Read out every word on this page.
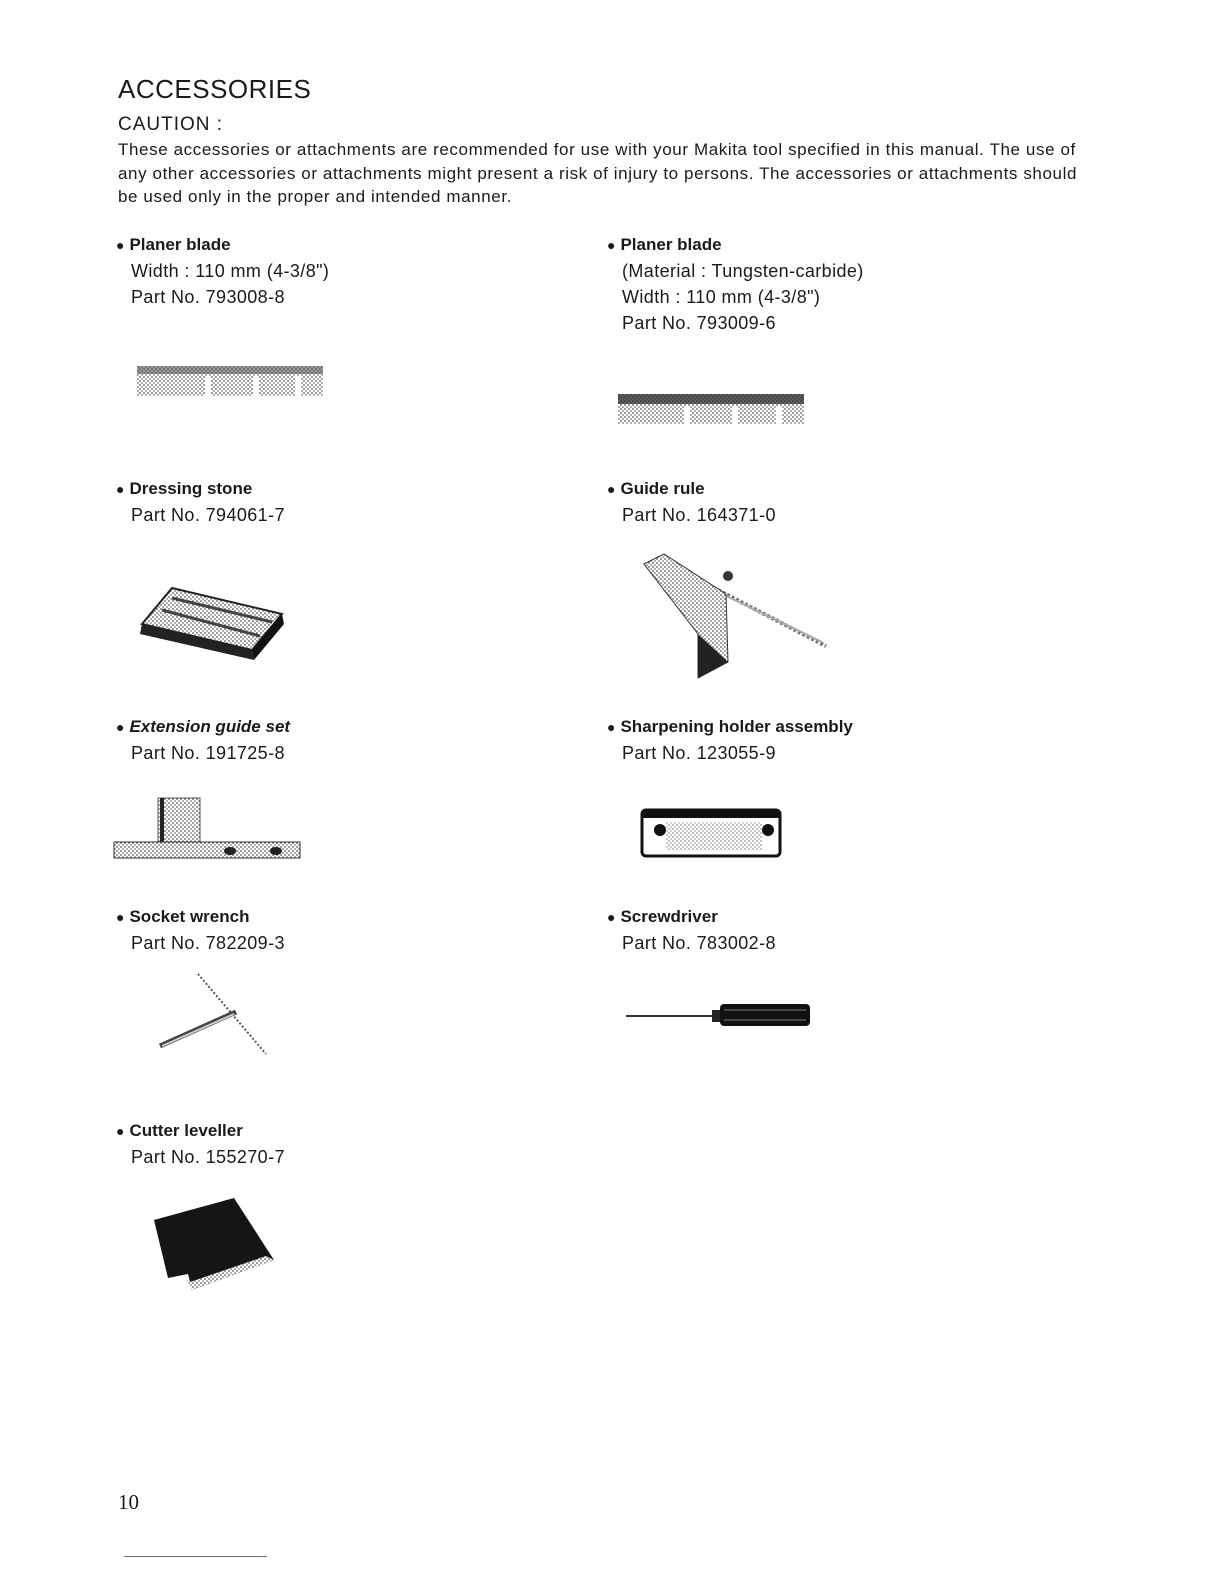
ACCESSORIES
CAUTION :
These accessories or attachments are recommended for use with your Makita tool specified in this manual. The use of any other accessories or attachments might present a risk of injury to persons. The accessories or attachments should be used only in the proper and intended manner.
● Planer blade
Width : 110 mm (4-3/8")
Part No. 793008-8
● Planer blade
(Material : Tungsten-carbide)
Width : 110 mm (4-3/8")
Part No. 793009-6
● Dressing stone
Part No. 794061-7
● Guide rule
Part No. 164371-0
● Extension guide set
Part No. 191725-8
● Sharpening holder assembly
Part No. 123055-9
● Socket wrench
Part No. 782209-3
● Screwdriver
Part No. 783002-8
● Cutter leveller
Part No. 155270-7
10
